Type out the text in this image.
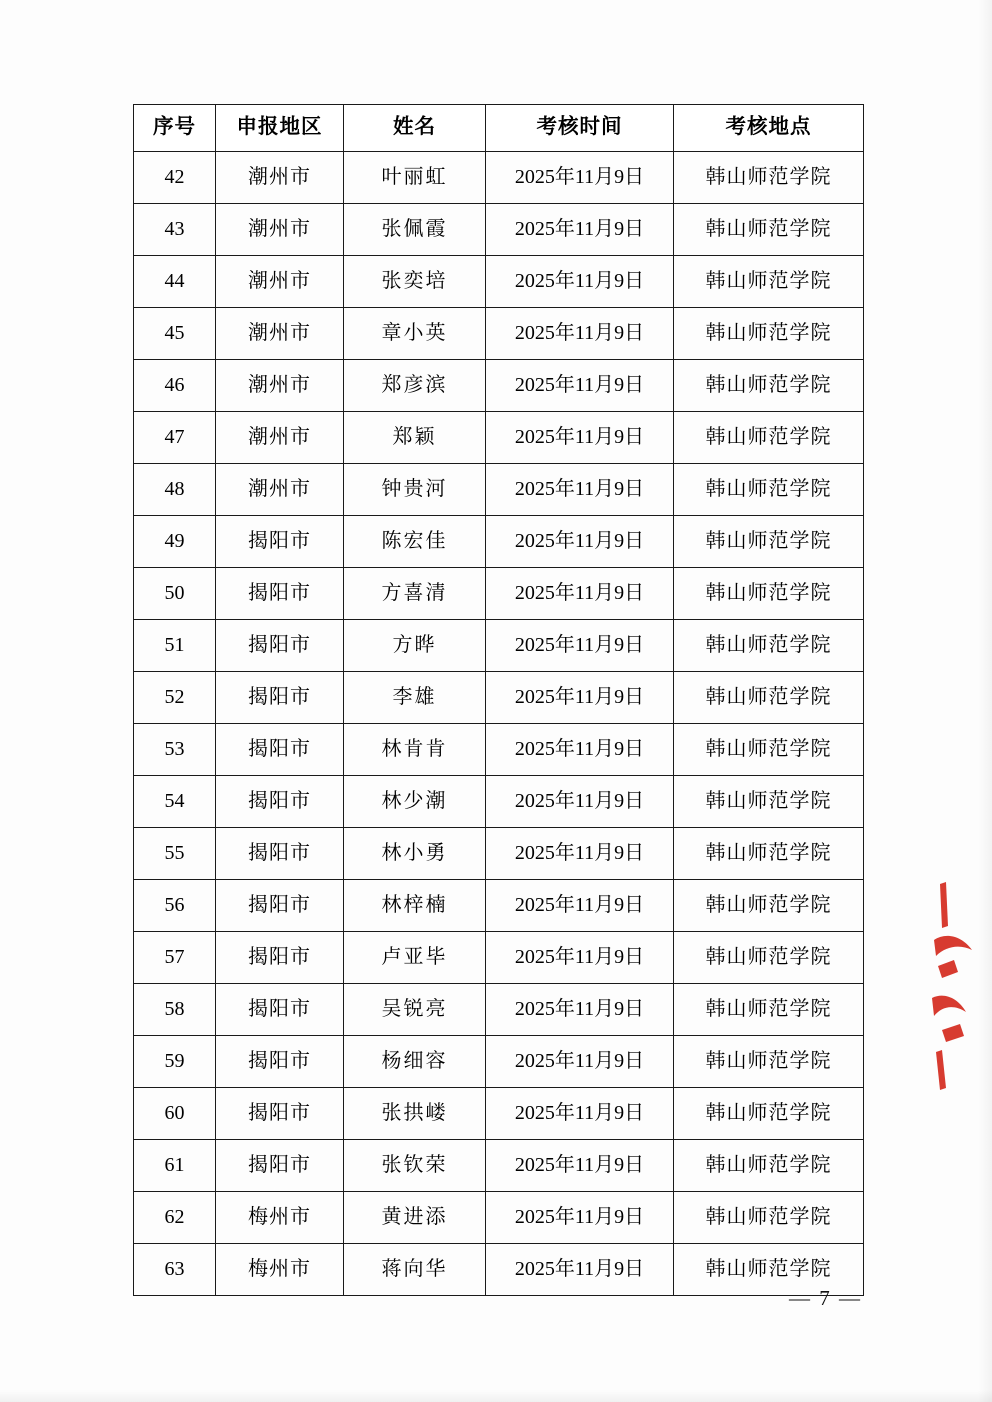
序号	申报地区	姓名	考核时间	考核地点
42	潮州市	叶丽虹	2025年11月9日	韩山师范学院
43	潮州市	张佩霞	2025年11月9日	韩山师范学院
44	潮州市	张奕培	2025年11月9日	韩山师范学院
45	潮州市	章小英	2025年11月9日	韩山师范学院
46	潮州市	郑彦滨	2025年11月9日	韩山师范学院
47	潮州市	郑颖	2025年11月9日	韩山师范学院
48	潮州市	钟贵河	2025年11月9日	韩山师范学院
49	揭阳市	陈宏佳	2025年11月9日	韩山师范学院
50	揭阳市	方喜清	2025年11月9日	韩山师范学院
51	揭阳市	方晔	2025年11月9日	韩山师范学院
52	揭阳市	李雄	2025年11月9日	韩山师范学院
53	揭阳市	林肯肯	2025年11月9日	韩山师范学院
54	揭阳市	林少潮	2025年11月9日	韩山师范学院
55	揭阳市	林小勇	2025年11月9日	韩山师范学院
56	揭阳市	林梓楠	2025年11月9日	韩山师范学院
57	揭阳市	卢亚毕	2025年11月9日	韩山师范学院
58	揭阳市	吴锐亮	2025年11月9日	韩山师范学院
59	揭阳市	杨细容	2025年11月9日	韩山师范学院
60	揭阳市	张拱嵝	2025年11月9日	韩山师范学院
61	揭阳市	张钦荣	2025年11月9日	韩山师范学院
62	梅州市	黄进添	2025年11月9日	韩山师范学院
63	梅州市	蒋向华	2025年11月9日	韩山师范学院
— 7 —
